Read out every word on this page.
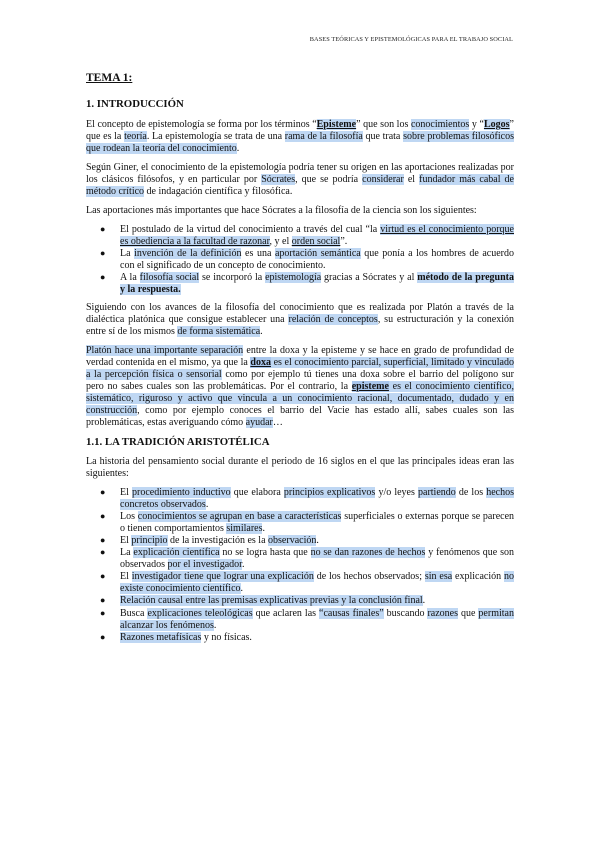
BASES TEÓRICAS Y EPISTEMOLÓGICAS PARA EL TRABAJO SOCIAL
TEMA 1:
1. INTRODUCCIÓN

El concepto de epistemología se forma por los términos “Episteme” que son los conocimientos y “Logos” que es la teoría. La epistemología se trata de una rama de la filosofía que trata sobre problemas filosóficos que rodean la teoría del conocimiento.

Según Giner, el conocimiento de la epistemología podría tener su origen en las aportaciones realizadas por los clásicos filósofos, y en particular por Sócrates, que se podría considerar el fundador más cabal de método crítico de indagación científica y filosófica.

Las aportaciones más importantes que hace Sócrates a la filosofía de la ciencia son los siguientes:

● El postulado de la virtud del conocimiento a través del cual “la virtud es el conocimiento porque es obediencia a la facultad de razonar, y el orden social”.
● La invención de la definición es una aportación semántica que ponía a los hombres de acuerdo con el significado de un concepto de conocimiento.
● A la filosofía social se incorporó la epistemología gracias a Sócrates y al método de la pregunta y la respuesta.

Siguiendo con los avances de la filosofía del conocimiento que es realizada por Platón a través de la dialéctica platónica que consigue establecer una relación de conceptos, su estructuración y la conexión entre sí de los mismos de forma sistemática.

Platón hace una importante separación entre la doxa y la episteme y se hace en grado de profundidad de verdad contenida en el mismo, ya que la doxa es el conocimiento parcial, superficial, limitado y vinculado a la percepción física o sensorial como por ejemplo tú tienes una doxa sobre el barrio del polígono sur pero no sabes cuales son las problemáticas. Por el contrario, la episteme es el conocimiento científico, sistemático, riguroso y activo que vincula a un conocimiento racional, documentado, dudado y en construcción, como por ejemplo conoces el barrio del Vacie has estado allí, sabes cuales son las problemáticas, estas averiguando cómo ayudar…

1.1. LA TRADICIÓN ARISTOTÉLICA

La historia del pensamiento social durante el periodo de 16 siglos en el que las principales ideas eran las siguientes:

● El procedimiento inductivo que elabora principios explicativos y/o leyes partiendo de los hechos concretos observados.
● Los conocimientos se agrupan en base a características superficiales o externas porque se parecen o tienen comportamientos similares.
● El principio de la investigación es la observación.
● La explicación científica no se logra hasta que no se dan razones de hechos y fenómenos que son observados por el investigador.
● El investigador tiene que lograr una explicación de los hechos observados; sin esa explicación no existe conocimiento científico.
● Relación causal entre las premisas explicativas previas y la conclusión final.
● Busca explicaciones teleológicas que aclaren las “causas finales” buscando razones que permitan alcanzar los fenómenos.
● Razones metafísicas y no físicas.
